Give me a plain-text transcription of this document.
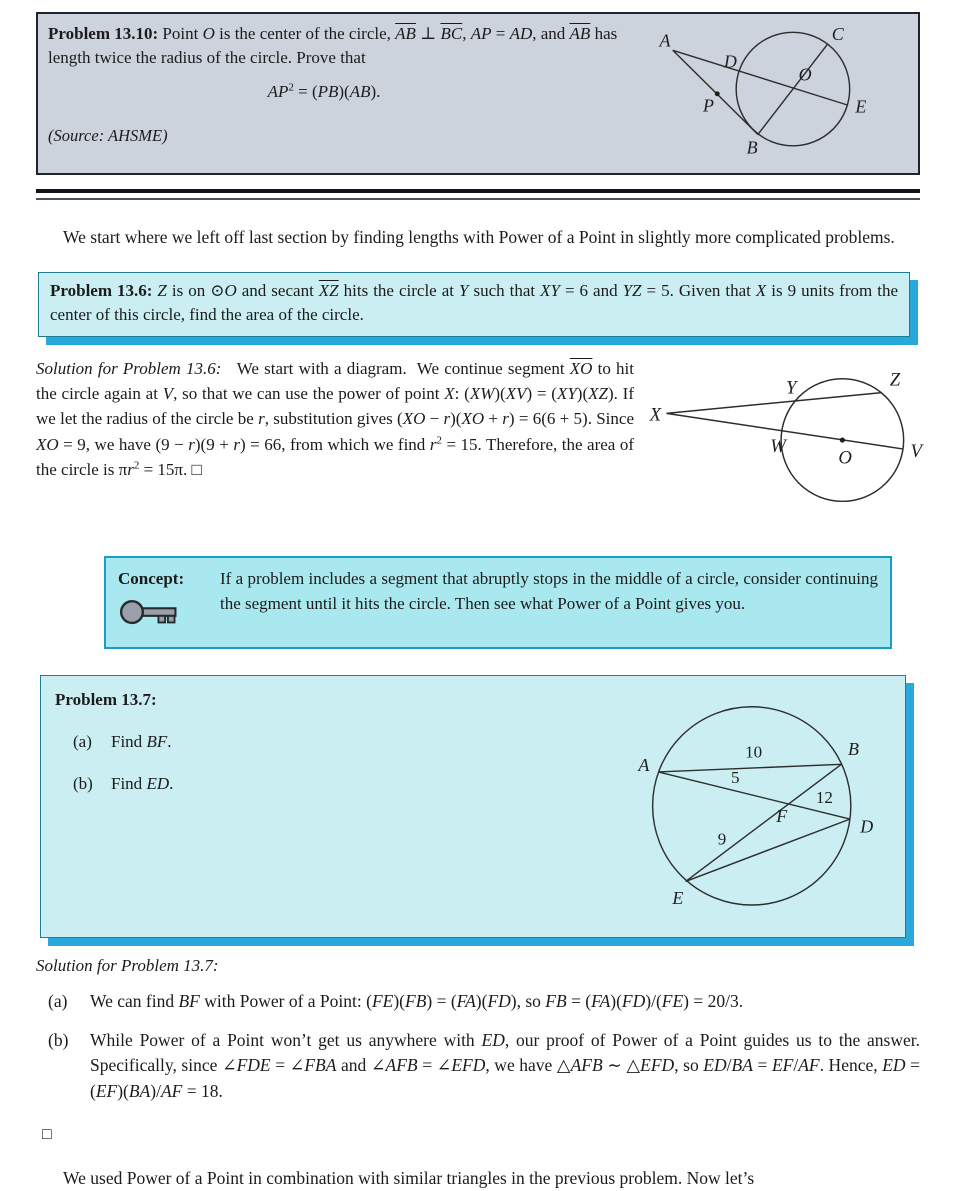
Problem 13.10: Point O is the center of the circle, $\overline{AB}$ ⊥ $\overline{BC}$, AP = AD, and $\overline{AB}$ has length twice the radius of the circle. Prove that

$AP^2 = (PB)(AB)$.

(Source: AHSME)

A
D
O
C
E
B
P

We start where we left off last section by finding lengths with Power of a Point in slightly more complicated problems.

Problem 13.6: Z is on ⊙O and secant $\overline{XZ}$ hits the circle at Y such that XY = 6 and YZ = 5. Given that X is 9 units from the center of this circle, find the area of the circle.
Solution for Problem 13.6: We start with a diagram.  We continue segment $\overline{XO}$ to hit the circle again at V, so that we can use the power of point X: (XW)(XV) = (XY)(XZ). If we let the radius of the circle be r, substitution gives (XO − r)(XO + r) = 6(6 + 5). Since XO = 9, we have (9 − r)(9 + r) = 66, from which we find $r^2 = 15$. Therefore, the area of the circle is $\pi r^2 = 15\pi$. □
X
Y	Z
W
O	V
Concept:	If a problem includes a segment that abruptly stops in the middle of a circle, consider continuing the segment until it hits the circle. Then see what Power of a Point gives you.

Problem 13.7:

(a)	Find BF.
(b)	Find ED.
A
B
D
E
F
10
5
12
9

Solution for Problem 13.7:

(a)	We can find BF with Power of a Point: (FE)(FB) = (FA)(FD), so FB = (FA)(FD)/(FE) = 20/3.
(b)	While Power of a Point won’t get us anywhere with ED, our proof of Power of a Point guides us to the answer. Specifically, since ∠FDE = ∠FBA and ∠AFB = ∠EFD, we have △AFB ∼ △EFD, so ED/BA = EF/AF. Hence, ED = (EF)(BA)/AF = 18.
□

We used Power of a Point in combination with similar triangles in the previous problem. Now let’s
